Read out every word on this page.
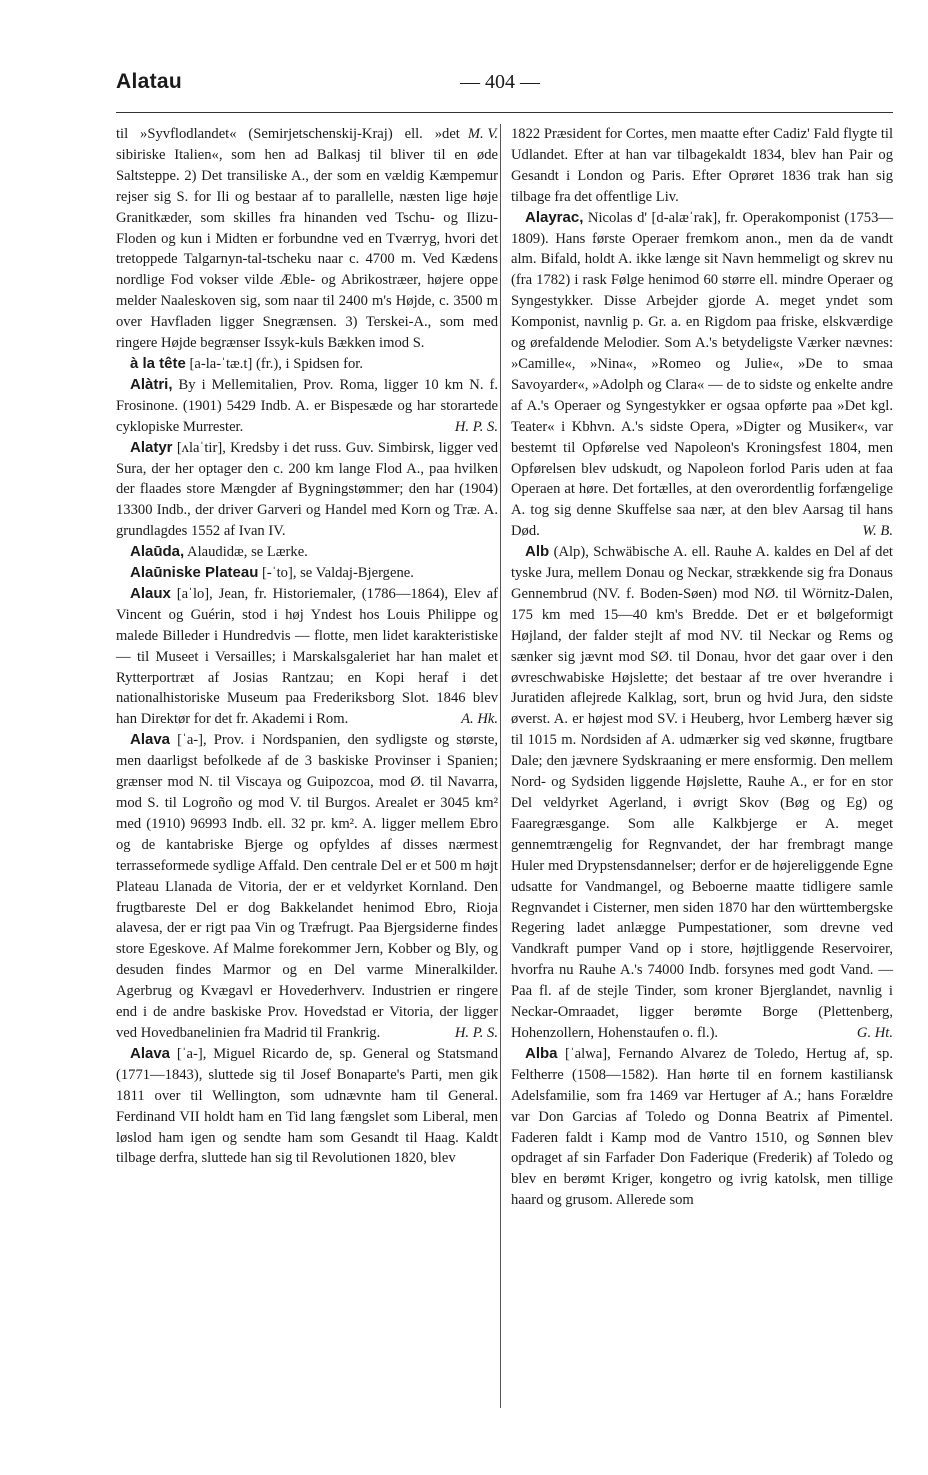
Alatau	— 404 —

M. V.
til »Syvflodlandet« (Semirjetschenskij-Kraj) ell. »det sibiriske Italien«, som hen ad Balkasj til bliver til en øde Saltsteppe. 2) Det transiliske A., der som en vældig Kæmpemur rejser sig S. for Ili og bestaar af to parallelle, næsten lige høje Granitkæder, som skilles fra hinanden ved Tschu- og Ilizu-Floden og kun i Midten er forbundne ved en Tværryg, hvori det tretoppede Talgarnyn-tal-tscheku naar c. 4700 m. Ved Kædens nordlige Fod vokser vilde Æble- og Abrikostræer, højere oppe melder Naaleskoven sig, som naar til 2400 m's Højde, c. 3500 m over Havfladen ligger Snegrænsen. 3) Terskei-A., som med ringere Højde begrænser Issyk-kuls Bækken imod S.

à la tête [a-la-ˈtæ.t] (fr.), i Spidsen for.

Alàtri, By i Mellemitalien, Prov. Roma, ligger 10 km N. f. Frosinone. (1901) 5429 Indb. A. er Bispesæde og har storartede cyklopiske Murrester.	H. P. S.

Alatyr [ʌlaˈtir], Kredsby i det russ. Guv. Simbirsk, ligger ved Sura, der her optager den c. 200 km lange Flod A., paa hvilken der flaades store Mængder af Bygningstømmer; den har (1904) 13300 Indb., der driver Garveri og Handel med Korn og Træ. A. grundlagdes 1552 af Ivan IV.

Alaūda, Alaudidæ, se Lærke.

Alaūniske Plateau [-ˈto], se Valdaj-Bjergene.

Alaux [aˈlo], Jean, fr. Historiemaler, (1786—1864), Elev af Vincent og Guérin, stod i høj Yndest hos Louis Philippe og malede Billeder i Hundredvis — flotte, men lidet karakteristiske — til Museet i Versailles; i Marskalsgaleriet har han malet et Rytterportræt af Josias Rantzau; en Kopi heraf i det nationalhistoriske Museum paa Frederiksborg Slot. 1846 blev han Direktør for det fr. Akademi i Rom.	A. Hk.

Alava [ˈa-], Prov. i Nordspanien, den sydligste og største, men daarligst befolkede af de 3 baskiske Provinser i Spanien; grænser mod N. til Viscaya og Guipozcoa, mod Ø. til Navarra, mod S. til Logroño og mod V. til Burgos. Arealet er 3045 km² med (1910) 96993 Indb. ell. 32 pr. km². A. ligger mellem Ebro og de kantabriske Bjerge og opfyldes af disses nærmest terrasseformede sydlige Affald. Den centrale Del er et 500 m højt Plateau Llanada de Vitoria, der er et veldyrket Kornland. Den frugtbareste Del er dog Bakkelandet henimod Ebro, Rioja alavesa, der er rigt paa Vin og Træfrugt. Paa Bjergsiderne findes store Egeskove. Af Malme forekommer Jern, Kobber og Bly, og desuden findes Marmor og en Del varme Mineralkilder. Agerbrug og Kvægavl er Hovederhverv. Industrien er ringere end i de andre baskiske Prov. Hovedstad er Vitoria, der ligger ved Hovedbanelinien fra Madrid til Frankrig.	H. P. S.

Alava [ˈa-], Miguel Ricardo de, sp. General og Statsmand (1771—1843), sluttede sig til Josef Bonaparte's Parti, men gik 1811 over til Wellington, som udnævnte ham til General. Ferdinand VII holdt ham en Tid lang fængslet som Liberal, men løslod ham igen og sendte ham som Gesandt til Haag. Kaldt tilbage derfra, sluttede han sig til Revolutionen 1820, blev

1822 Præsident for Cortes, men maatte efter Cadiz' Fald flygte til Udlandet. Efter at han var tilbagekaldt 1834, blev han Pair og Gesandt i London og Paris. Efter Oprøret 1836 trak han sig tilbage fra det offentlige Liv.

Alayrac, Nicolas d' [d-alæˈrak], fr. Operakomponist (1753—1809). Hans første Operaer fremkom anon., men da de vandt alm. Bifald, holdt A. ikke længe sit Navn hemmeligt og skrev nu (fra 1782) i rask Følge henimod 60 større ell. mindre Operaer og Syngestykker. Disse Arbejder gjorde A. meget yndet som Komponist, navnlig p. Gr. a. en Rigdom paa friske, elskværdige og ørefaldende Melodier. Som A.'s betydeligste Værker nævnes: »Camille«, »Nina«, »Romeo og Julie«, »De to smaa Savoyarder«, »Adolph og Clara« — de to sidste og enkelte andre af A.'s Operaer og Syngestykker er ogsaa opførte paa »Det kgl. Teater« i Kbhvn. A.'s sidste Opera, »Digter og Musiker«, var bestemt til Opførelse ved Napoleon's Kroningsfest 1804, men Opførelsen blev udskudt, og Napoleon forlod Paris uden at faa Operaen at høre. Det fortælles, at den overordentlig forfængelige A. tog sig denne Skuffelse saa nær, at den blev Aarsag til hans Død.	W. B.

Alb (Alp), Schwäbische A. ell. Rauhe A. kaldes en Del af det tyske Jura, mellem Donau og Neckar, strækkende sig fra Donaus Gennembrud (NV. f. Boden-Søen) mod NØ. til Wörnitz-Dalen, 175 km med 15—40 km's Bredde. Det er et bølgeformigt Højland, der falder stejlt af mod NV. til Neckar og Rems og sænker sig jævnt mod SØ. til Donau, hvor det gaar over i den øvreschwabiske Højslette; det bestaar af tre over hverandre i Juratiden aflejrede Kalklag, sort, brun og hvid Jura, den sidste øverst. A. er højest mod SV. i Heuberg, hvor Lemberg hæver sig til 1015 m. Nordsiden af A. udmærker sig ved skønne, frugtbare Dale; den jævnere Sydskraaning er mere ensformig. Den mellem Nord- og Sydsiden liggende Højslette, Rauhe A., er for en stor Del veldyrket Agerland, i øvrigt Skov (Bøg og Eg) og Faaregræsgange. Som alle Kalkbjerge er A. meget gennemtrængelig for Regnvandet, der har frembragt mange Huler med Drypstensdannelser; derfor er de højereliggende Egne udsatte for Vandmangel, og Beboerne maatte tidligere samle Regnvandet i Cisterner, men siden 1870 har den württembergske Regering ladet anlægge Pumpestationer, som drevne ved Vandkraft pumper Vand op i store, højtliggende Reservoirer, hvorfra nu Rauhe A.'s 74000 Indb. forsynes med godt Vand. — Paa fl. af de stejle Tinder, som kroner Bjerglandet, navnlig i Neckar-Omraadet, ligger berømte Borge (Plettenberg, Hohenzollern, Hohenstaufen o. fl.).	G. Ht.

Alba [ˈalwa], Fernando Alvarez de Toledo, Hertug af, sp. Feltherre (1508—1582). Han hørte til en fornem kastiliansk Adelsfamilie, som fra 1469 var Hertuger af A.; hans Forældre var Don Garcias af Toledo og Donna Beatrix af Pimentel. Faderen faldt i Kamp mod de Vantro 1510, og Sønnen blev opdraget af sin Farfader Don Faderique (Frederik) af Toledo og blev en berømt Kriger, kongetro og ivrig katolsk, men tillige haard og grusom. Allerede som
